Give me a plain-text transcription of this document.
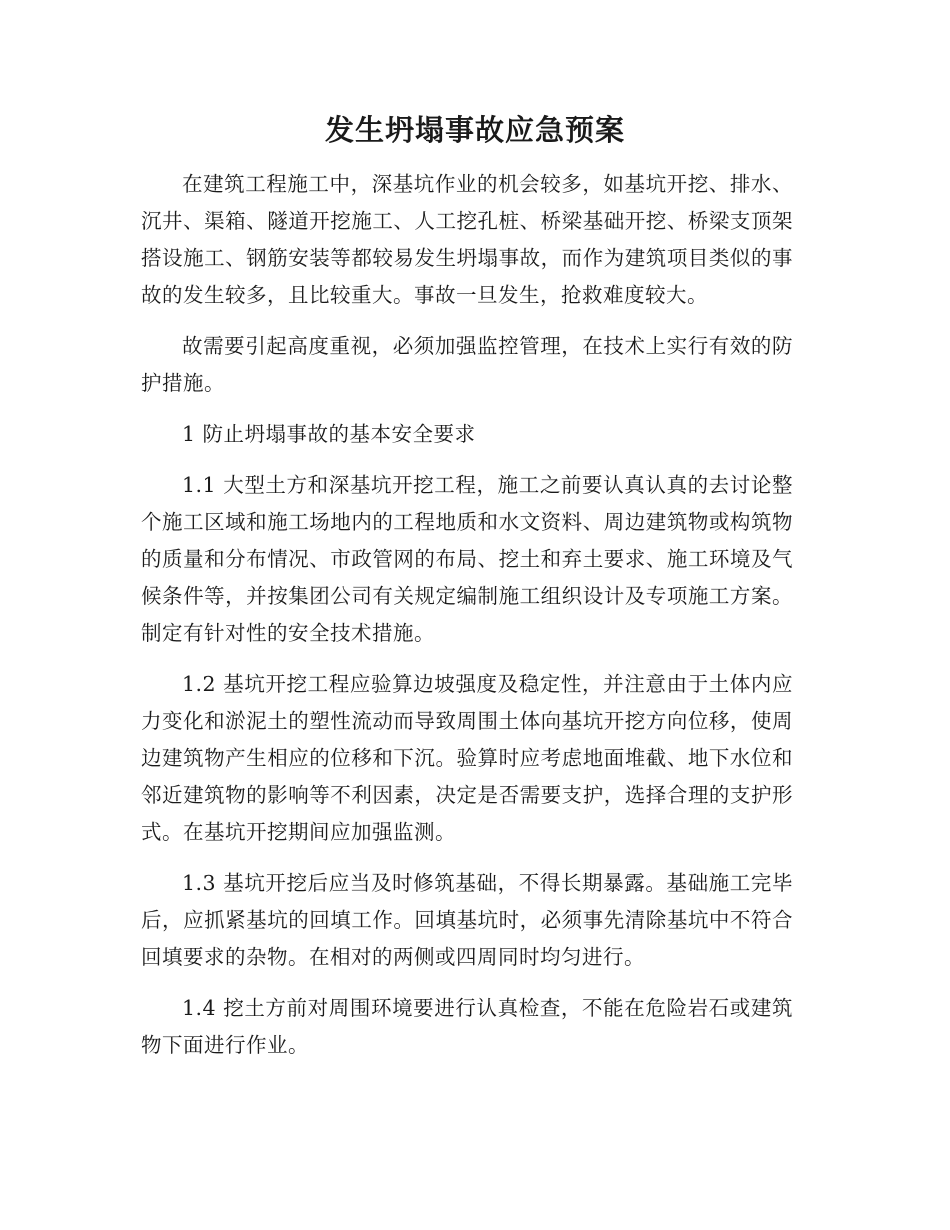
发生坍塌事故应急预案

在建筑工程施工中，深基坑作业的机会较多，如基坑开挖、排水、沉井、渠箱、隧道开挖施工、人工挖孔桩、桥梁基础开挖、桥梁支顶架搭设施工、钢筋安装等都较易发生坍塌事故，而作为建筑项目类似的事故的发生较多，且比较重大。事故一旦发生，抢救难度较大。

故需要引起高度重视，必须加强监控管理，在技术上实行有效的防护措施。

1 防止坍塌事故的基本安全要求

1.1 大型土方和深基坑开挖工程，施工之前要认真认真的去讨论整个施工区域和施工场地内的工程地质和水文资料、周边建筑物或构筑物的质量和分布情况、市政管网的布局、挖土和弃土要求、施工环境及气候条件等，并按集团公司有关规定编制施工组织设计及专项施工方案。制定有针对性的安全技术措施。

1.2 基坑开挖工程应验算边坡强度及稳定性，并注意由于土体内应力变化和淤泥土的塑性流动而导致周围土体向基坑开挖方向位移，使周边建筑物产生相应的位移和下沉。验算时应考虑地面堆截、地下水位和邻近建筑物的影响等不利因素，决定是否需要支护，选择合理的支护形式。在基坑开挖期间应加强监测。

1.3 基坑开挖后应当及时修筑基础，不得长期暴露。基础施工完毕后，应抓紧基坑的回填工作。回填基坑时，必须事先清除基坑中不符合回填要求的杂物。在相对的两侧或四周同时均匀进行。

1.4 挖土方前对周围环境要进行认真检查，不能在危险岩石或建筑物下面进行作业。
